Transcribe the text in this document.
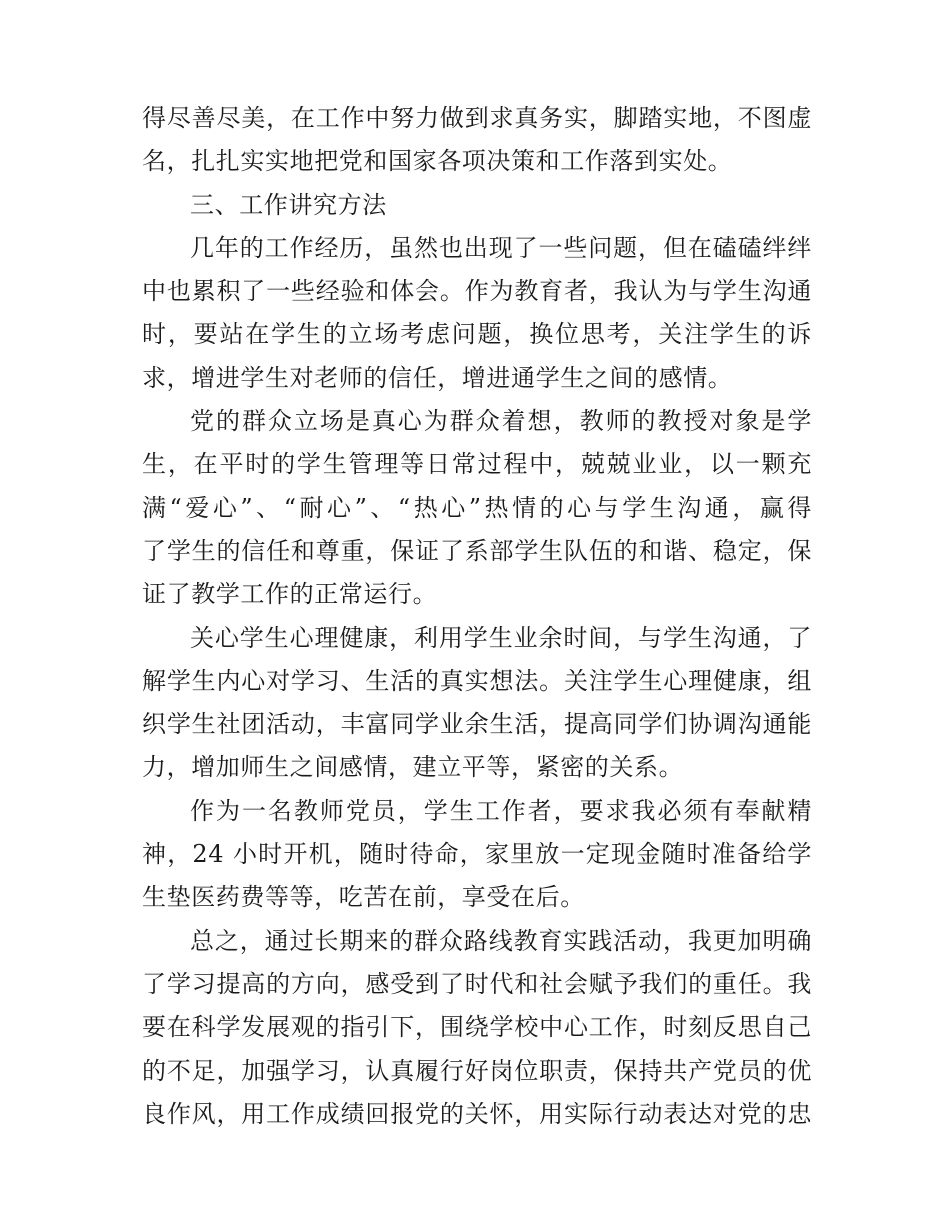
得尽善尽美，在工作中努力做到求真务实，脚踏实地，不图虚
名，扎扎实实地把党和国家各项决策和工作落到实处。
三、工作讲究方法
几年的工作经历，虽然也出现了一些问题，但在磕磕绊绊
中也累积了一些经验和体会。作为教育者，我认为与学生沟通
时，要站在学生的立场考虑问题，换位思考，关注学生的诉
求，增进学生对老师的信任，增进通学生之间的感情。
党的群众立场是真心为群众着想，教师的教授对象是学
生，在平时的学生管理等日常过程中，兢兢业业，以一颗充
满“爱心”、“耐心”、“热心”热情的心与学生沟通，赢得
了学生的信任和尊重，保证了系部学生队伍的和谐、稳定，保
证了教学工作的正常运行。
关心学生心理健康，利用学生业余时间，与学生沟通，了
解学生内心对学习、生活的真实想法。关注学生心理健康，组
织学生社团活动，丰富同学业余生活，提高同学们协调沟通能
力，增加师生之间感情，建立平等，紧密的关系。
作为一名教师党员，学生工作者，要求我必须有奉献精
神，24 小时开机，随时待命，家里放一定现金随时准备给学
生垫医药费等等，吃苦在前，享受在后。
总之，通过长期来的群众路线教育实践活动，我更加明确
了学习提高的方向，感受到了时代和社会赋予我们的重任。我
要在科学发展观的指引下，围绕学校中心工作，时刻反思自己
的不足，加强学习，认真履行好岗位职责，保持共产党员的优
良作风，用工作成绩回报党的关怀，用实际行动表达对党的忠
